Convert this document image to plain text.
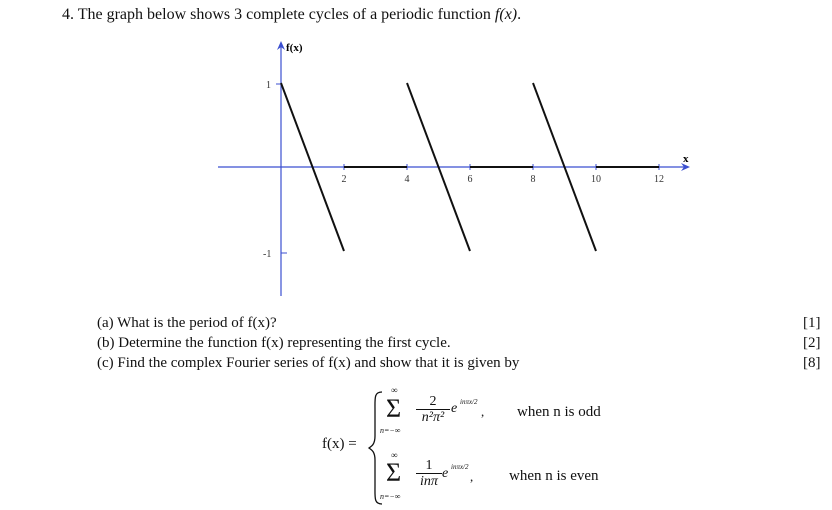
4. The graph below shows 3 complete cycles of a periodic function f(x).
f(x)
x
1
-1
2	4	6	8	10	12
(a) What is the period of f(x)?	[1]
(b) Determine the function f(x) representing the first cycle.	[2]
(c) Find the complex Fourier series of f(x) and show that it is given by	[8]
f(x) =
∞
Σ
n=−∞
$\frac{2}{\text{n²π²}}$ e inπx/2
, when n is odd
∞
Σ
n=−∞
1
inπ
e inπx/2
, when n is even
